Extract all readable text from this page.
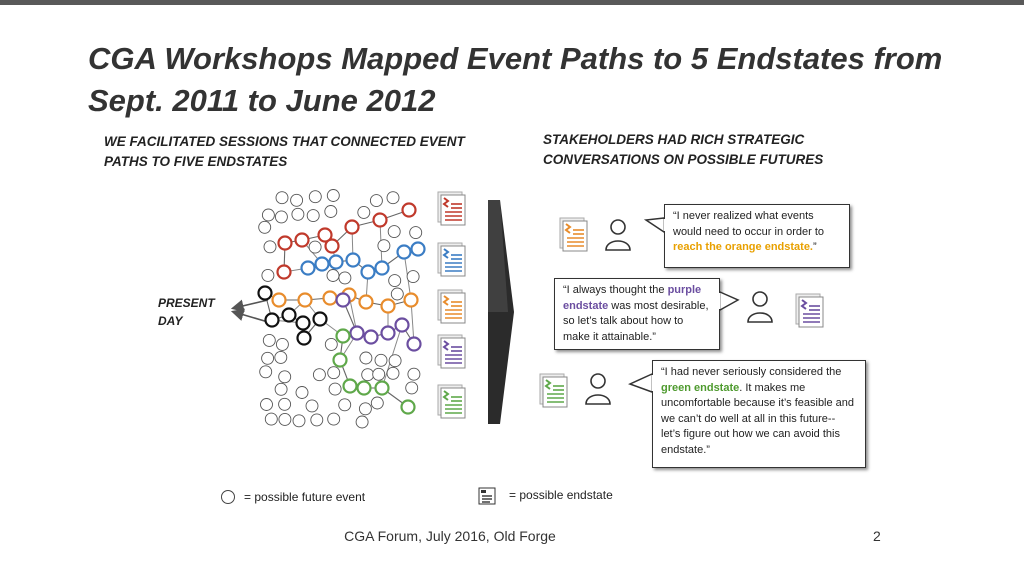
CGA Workshops Mapped Event Paths to 5 Endstates from Sept. 2011 to June 2012
WE FACILITATED SESSIONS THAT CONNECTED EVENT PATHS TO FIVE ENDSTATES
STAKEHOLDERS HAD RICH STRATEGIC CONVERSATIONS ON POSSIBLE FUTURES
PRESENT DAY
“I never realized what events would need to occur in order to reach the orange endstate.”
“I always thought the purple endstate was most desirable, so let’s talk about how to make it attainable.”
“I had never seriously considered the green endstate. It makes me uncomfortable because it’s feasible and we can’t do well at all in this future-- let’s figure out how we can avoid this endstate.”
= possible future event	= possible endstate
CGA Forum, July 2016, Old Forge	2
